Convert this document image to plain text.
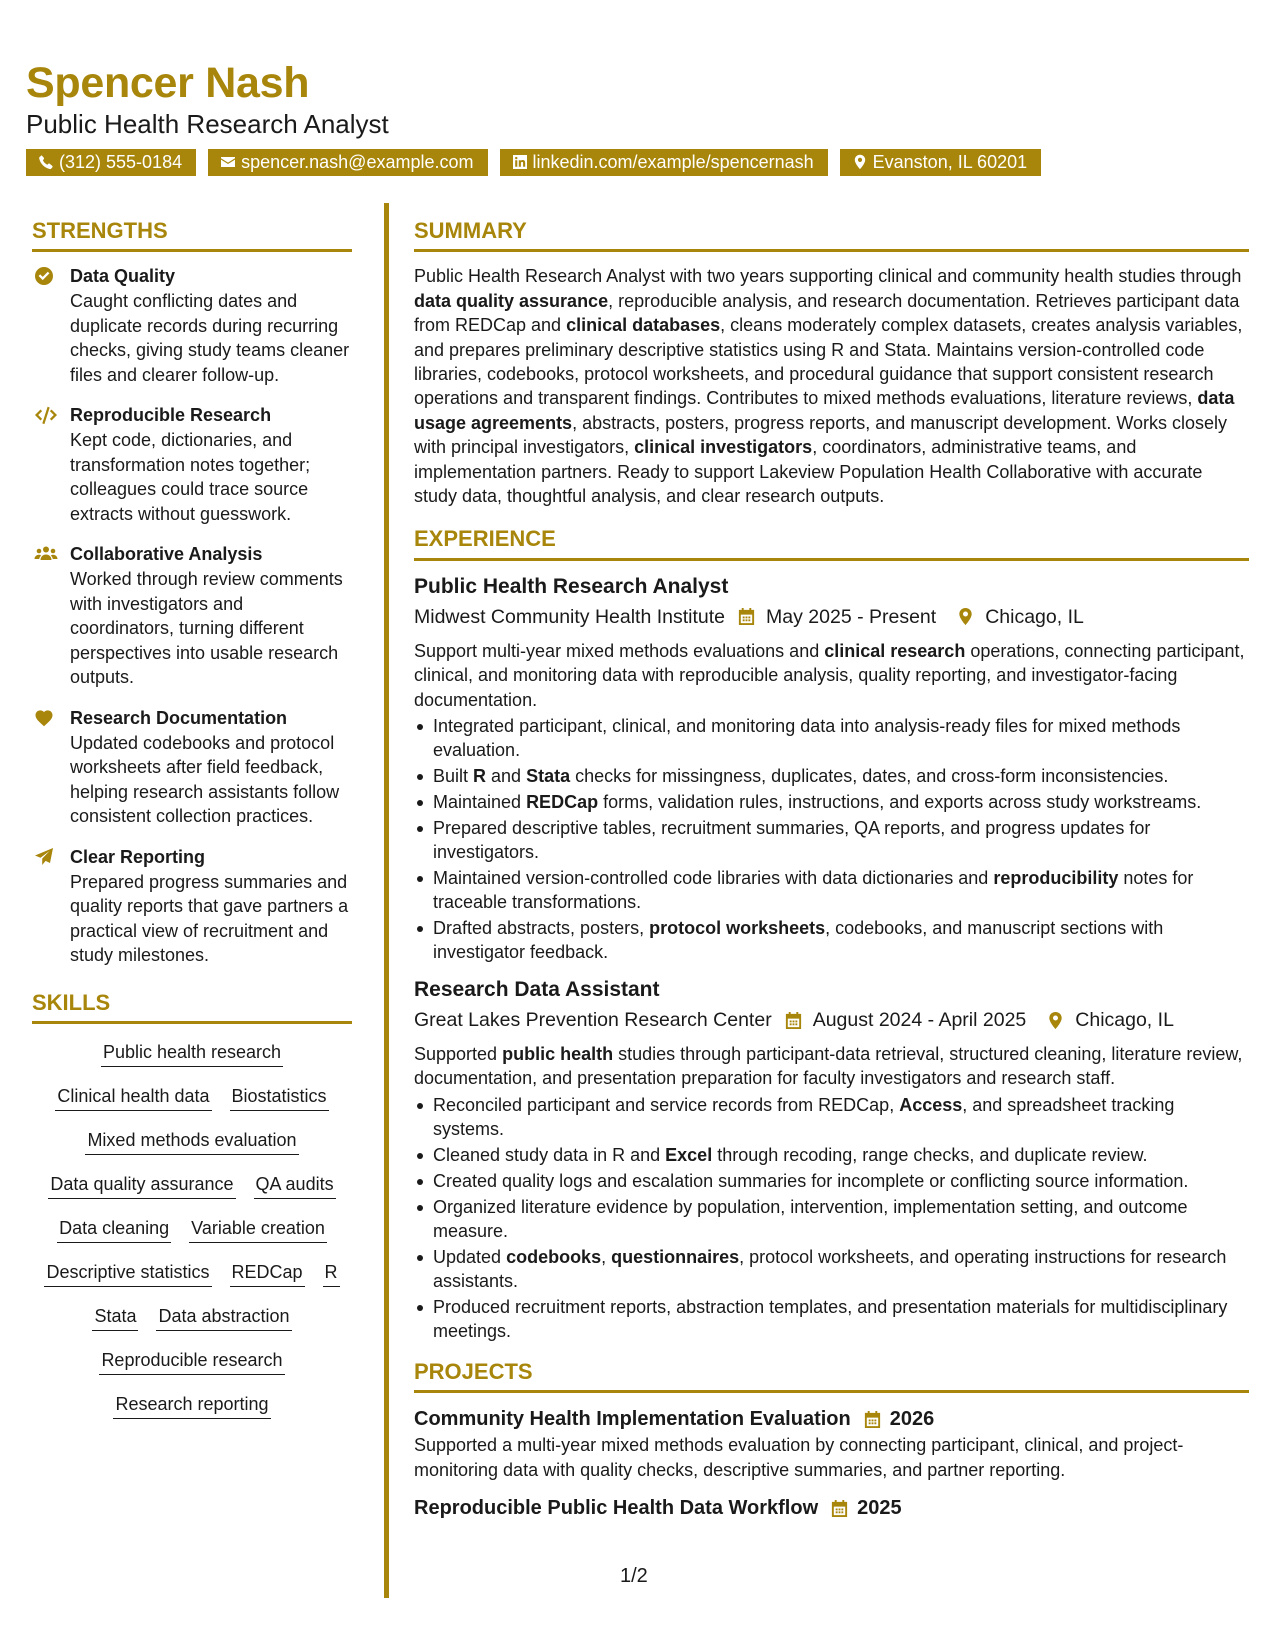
Spencer Nash
Public Health Research Analyst
(312) 555-0184	spencer.nash@example.com	linkedin.com/example/spencernash	Evanston, IL 60201
STRENGTHS
Data Quality
Caught conflicting dates and duplicate records during recurring checks, giving study teams cleaner files and clearer follow-up.
Reproducible Research
Kept code, dictionaries, and transformation notes together; colleagues could trace source extracts without guesswork.
Collaborative Analysis
Worked through review comments with investigators and coordinators, turning different perspectives into usable research outputs.
Research Documentation
Updated codebooks and protocol worksheets after field feedback, helping research assistants follow consistent collection practices.
Clear Reporting
Prepared progress summaries and quality reports that gave partners a practical view of recruitment and study milestones.
SKILLS
Public health research
Clinical health data Biostatistics
Mixed methods evaluation
Data quality assurance QA audits
Data cleaning Variable creation
Descriptive statistics REDCap R
Stata Data abstraction
Reproducible research
Research reporting
SUMMARY
Public Health Research Analyst with two years supporting clinical and community health studies through data quality assurance, reproducible analysis, and research documentation. Retrieves participant data from REDCap and clinical databases, cleans moderately complex datasets, creates analysis variables, and prepares preliminary descriptive statistics using R and Stata. Maintains version-controlled code libraries, codebooks, protocol worksheets, and procedural guidance that support consistent research operations and transparent findings. Contributes to mixed methods evaluations, literature reviews, data usage agreements, abstracts, posters, progress reports, and manuscript development. Works closely with principal investigators, clinical investigators, coordinators, administrative teams, and implementation partners. Ready to support Lakeview Population Health Collaborative with accurate study data, thoughtful analysis, and clear research outputs.
EXPERIENCE
Public Health Research Analyst
Midwest Community Health Institute May 2025 - Present	Chicago, IL
Support multi-year mixed methods evaluations and clinical research operations, connecting participant, clinical, and monitoring data with reproducible analysis, quality reporting, and investigator-facing documentation.
Integrated participant, clinical, and monitoring data into analysis-ready files for mixed methods evaluation.
Built R and Stata checks for missingness, duplicates, dates, and cross-form inconsistencies.
Maintained REDCap forms, validation rules, instructions, and exports across study workstreams.
Prepared descriptive tables, recruitment summaries, QA reports, and progress updates for investigators.
Maintained version-controlled code libraries with data dictionaries and reproducibility notes for traceable transformations.
Drafted abstracts, posters, protocol worksheets, codebooks, and manuscript sections with investigator feedback.
Research Data Assistant
Great Lakes Prevention Research Center August 2024 - April 2025	Chicago, IL
Supported public health studies through participant-data retrieval, structured cleaning, literature review, documentation, and presentation preparation for faculty investigators and research staff.
Reconciled participant and service records from REDCap, Access, and spreadsheet tracking systems.
Cleaned study data in R and Excel through recoding, range checks, and duplicate review.
Created quality logs and escalation summaries for incomplete or conflicting source information.
Organized literature evidence by population, intervention, implementation setting, and outcome measure.
Updated codebooks, questionnaires, protocol worksheets, and operating instructions for research assistants.
Produced recruitment reports, abstraction templates, and presentation materials for multidisciplinary meetings.
PROJECTS
Community Health Implementation Evaluation 2026
Supported a multi-year mixed methods evaluation by connecting participant, clinical, and project-monitoring data with quality checks, descriptive summaries, and partner reporting.
Reproducible Public Health Data Workflow 2025
1/2
